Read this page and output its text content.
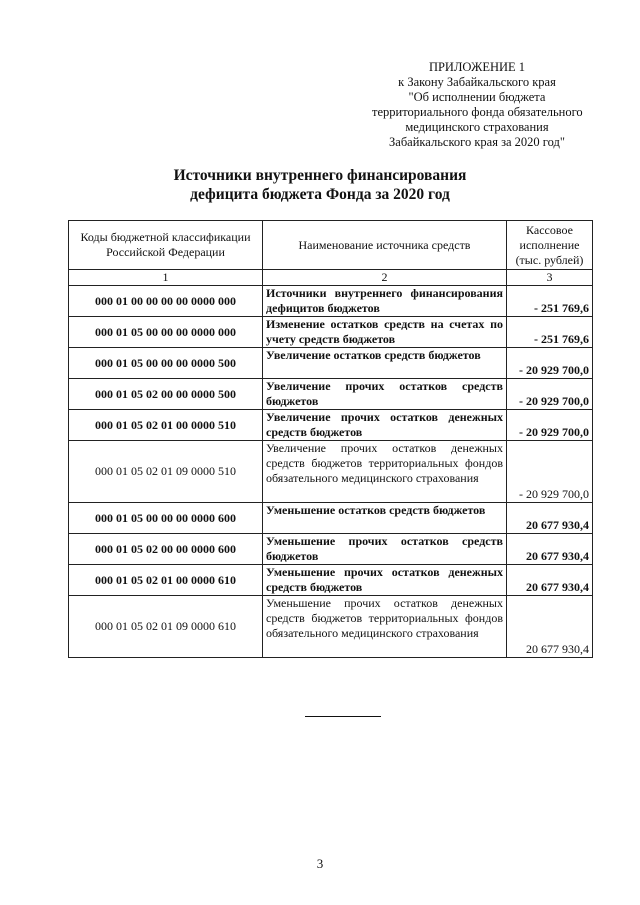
ПРИЛОЖЕНИЕ 1
к Закону Забайкальского края
"Об исполнении бюджета
территориального фонда обязательного
медицинского страхования
Забайкальского края за 2020 год"
Источники внутреннего финансирования
дефицита бюджета Фонда за 2020 год
Коды бюджетной классификации Российской Федерации	Наименование источника средств	Кассовое исполнение (тыс. рублей)
1	2	3
000 01 00 00 00 00 0000 000	Источники внутреннего финансирования дефицитов бюджетов	- 251 769,6
000 01 05 00 00 00 0000 000	Изменение остатков средств на счетах по учету средств бюджетов	- 251 769,6
000 01 05 00 00 00 0000 500	Увеличение остатков средств бюджетов	- 20 929 700,0
000 01 05 02 00 00 0000 500	Увеличение прочих остатков средств бюджетов	- 20 929 700,0
000 01 05 02 01 00 0000 510	Увеличение прочих остатков денежных средств бюджетов	- 20 929 700,0
000 01 05 02 01 09 0000 510	Увеличение прочих остатков денежных средств бюджетов территориальных фондов обязательного медицинского страхования	- 20 929 700,0
000 01 05 00 00 00 0000 600	Уменьшение остатков средств бюджетов	20 677 930,4
000 01 05 02 00 00 0000 600	Уменьшение прочих остатков средств бюджетов	20 677 930,4
000 01 05 02 01 00 0000 610	Уменьшение прочих остатков денежных средств бюджетов	20 677 930,4
000 01 05 02 01 09 0000 610	Уменьшение прочих остатков денежных средств бюджетов территориальных фондов обязательного медицинского страхования	20 677 930,4
3
